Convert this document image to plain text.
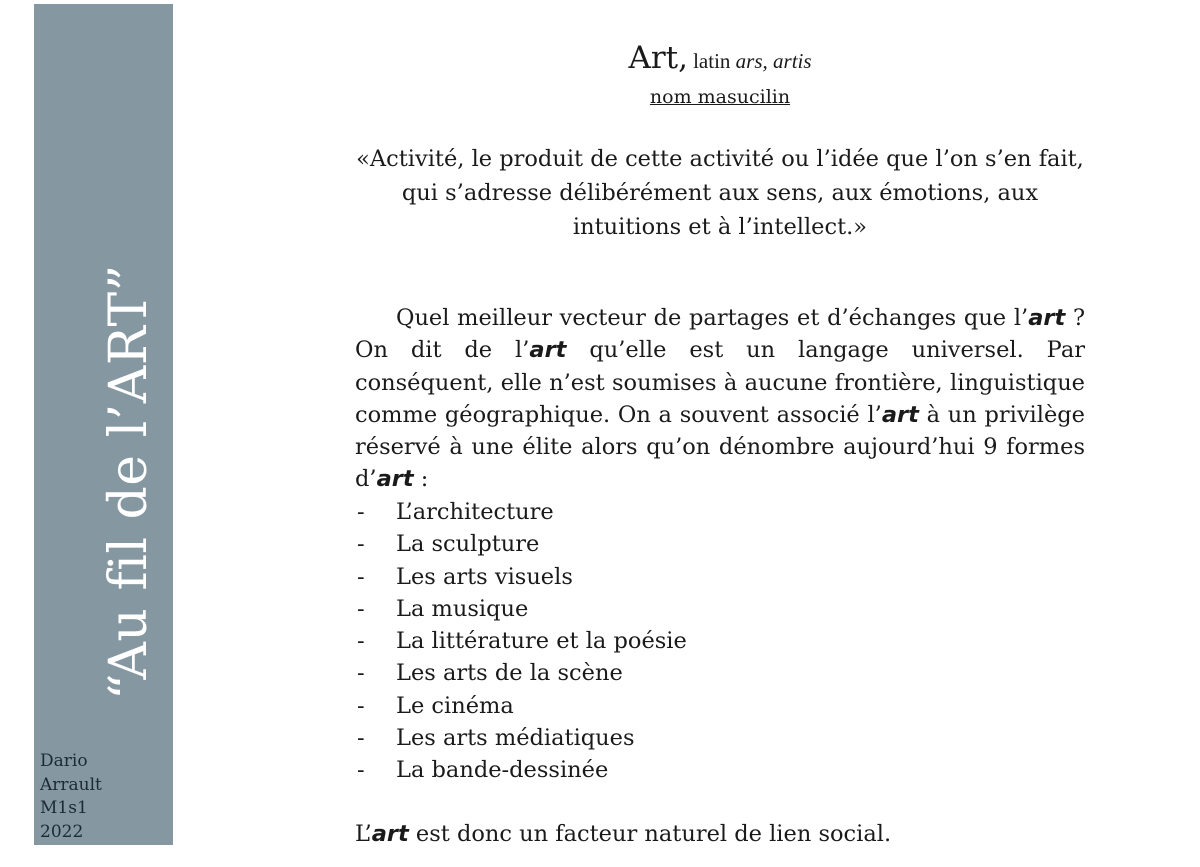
“Au fil de l’ART”
Dario
Arrault
M1s1
2022
Art, latin ars, artis
nom masucilin
«Activité, le produit de cette activité ou l’idée que l’on s’en fait, qui s’adresse délibérément aux sens, aux émotions, aux intuitions et à l’intellect.»

Quel meilleur vecteur de partages et d’échanges que l’art ? On dit de l’art qu’elle est un langage universel. Par conséquent, elle n’est soumises à aucune frontière, linguistique comme géographique. On a souvent associé l’art à un privilège réservé à une élite alors qu’on dénombre aujourd’hui 9 formes d’art :

- L’architecture
- La sculpture
- Les arts visuels
- La musique
- La littérature et la poésie
- Les arts de la scène
- Le cinéma
- Les arts médiatiques
- La bande-dessinée
L’art est donc un facteur naturel de lien social.
